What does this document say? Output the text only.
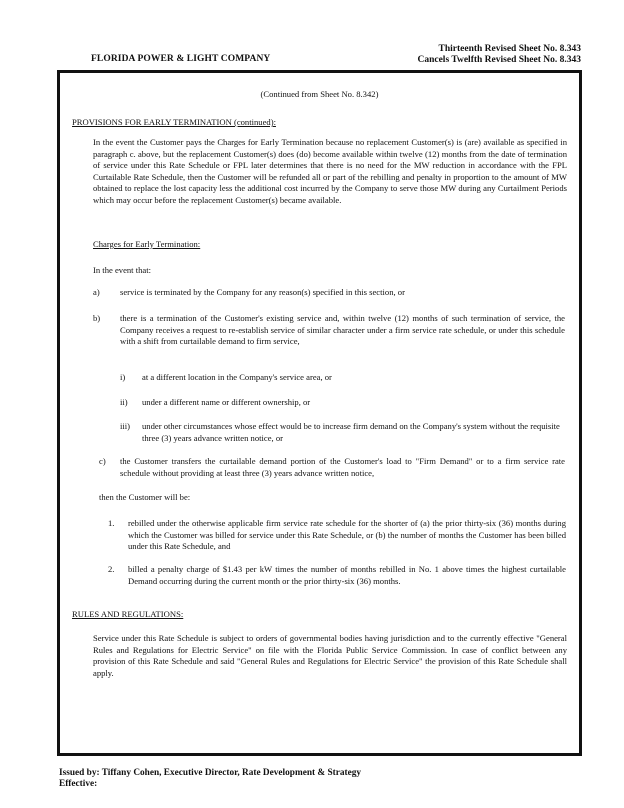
FLORIDA POWER & LIGHT COMPANY
Thirteenth Revised Sheet No. 8.343
Cancels Twelfth Revised Sheet No. 8.343
(Continued from Sheet No. 8.342)
PROVISIONS FOR EARLY TERMINATION (continued):
In the event the Customer pays the Charges for Early Termination because no replacement Customer(s) is (are) available as specified in paragraph c. above, but the replacement Customer(s) does (do) become available within twelve (12) months from the date of termination of service under this Rate Schedule or FPL later determines that there is no need for the MW reduction in accordance with the FPL Curtailable Rate Schedule, then the Customer will be refunded all or part of the rebilling and penalty in proportion to the amount of MW obtained to replace the lost capacity less the additional cost incurred by the Company to serve those MW during any Curtailment Periods which may occur before the replacement Customer(s) became available.
Charges for Early Termination:
In the event that:
a) service is terminated by the Company for any reason(s) specified in this section, or
b) there is a termination of the Customer's existing service and, within twelve (12) months of such termination of service, the Company receives a request to re-establish service of similar character under a firm service rate schedule, or under this schedule with a shift from curtailable demand to firm service,
i) at a different location in the Company's service area, or
ii) under a different name or different ownership, or
iii) under other circumstances whose effect would be to increase firm demand on the Company's system without the requisite three (3) years advance written notice, or
c) the Customer transfers the curtailable demand portion of the Customer's load to "Firm Demand" or to a firm service rate schedule without providing at least three (3) years advance written notice,
then the Customer will be:
1. rebilled under the otherwise applicable firm service rate schedule for the shorter of (a) the prior thirty-six (36) months during which the Customer was billed for service under this Rate Schedule, or (b) the number of months the Customer has been billed under this Rate Schedule, and
2. billed a penalty charge of $1.43 per kW times the number of months rebilled in No. 1 above times the highest curtailable Demand occurring during the current month or the prior thirty-six (36) months.
RULES AND REGULATIONS:
Service under this Rate Schedule is subject to orders of governmental bodies having jurisdiction and to the currently effective "General Rules and Regulations for Electric Service" on file with the Florida Public Service Commission. In case of conflict between any provision of this Rate Schedule and said "General Rules and Regulations for Electric Service" the provision of this Rate Schedule shall apply.
Issued by: Tiffany Cohen, Executive Director, Rate Development & Strategy
Effective:
